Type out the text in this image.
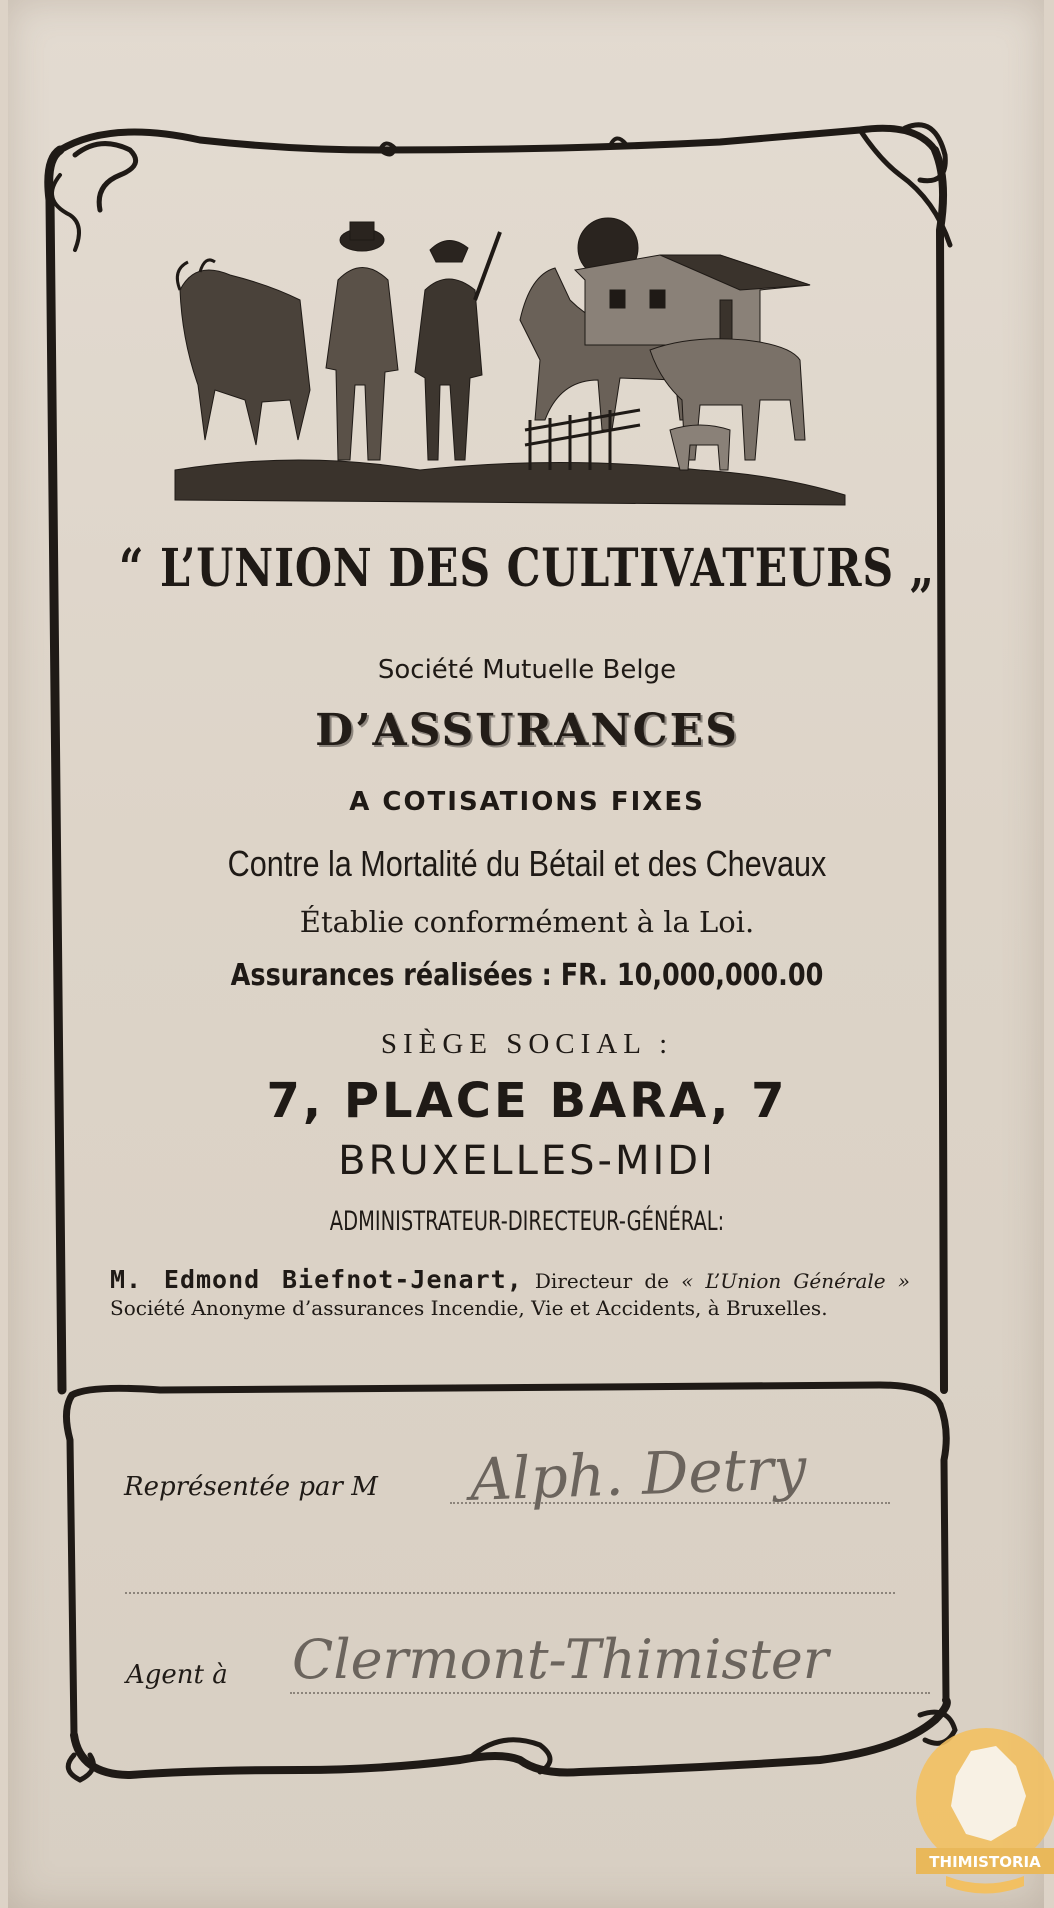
“ L’UNION DES CULTIVATEURS „
Société Mutuelle Belge
D’ASSURANCES
A COTISATIONS FIXES
Contre la Mortalité du Bétail et des Chevaux
Établie conformément à la Loi.
Assurances réalisées : FR. 10,000,000.00
SIÈGE SOCIAL :
7, PLACE BARA, 7
BRUXELLES-MIDI
ADMINISTRATEUR-DIRECTEUR-GÉNÉRAL:
M. Edmond Biefnot-Jenart, Directeur de « L’Union Générale » Société Anonyme d’assurances Incendie, Vie et Accidents, à Bruxelles.
Représentée par M Alph. Detry
Agent à Clermont-Thimister
THIMISTORIA
